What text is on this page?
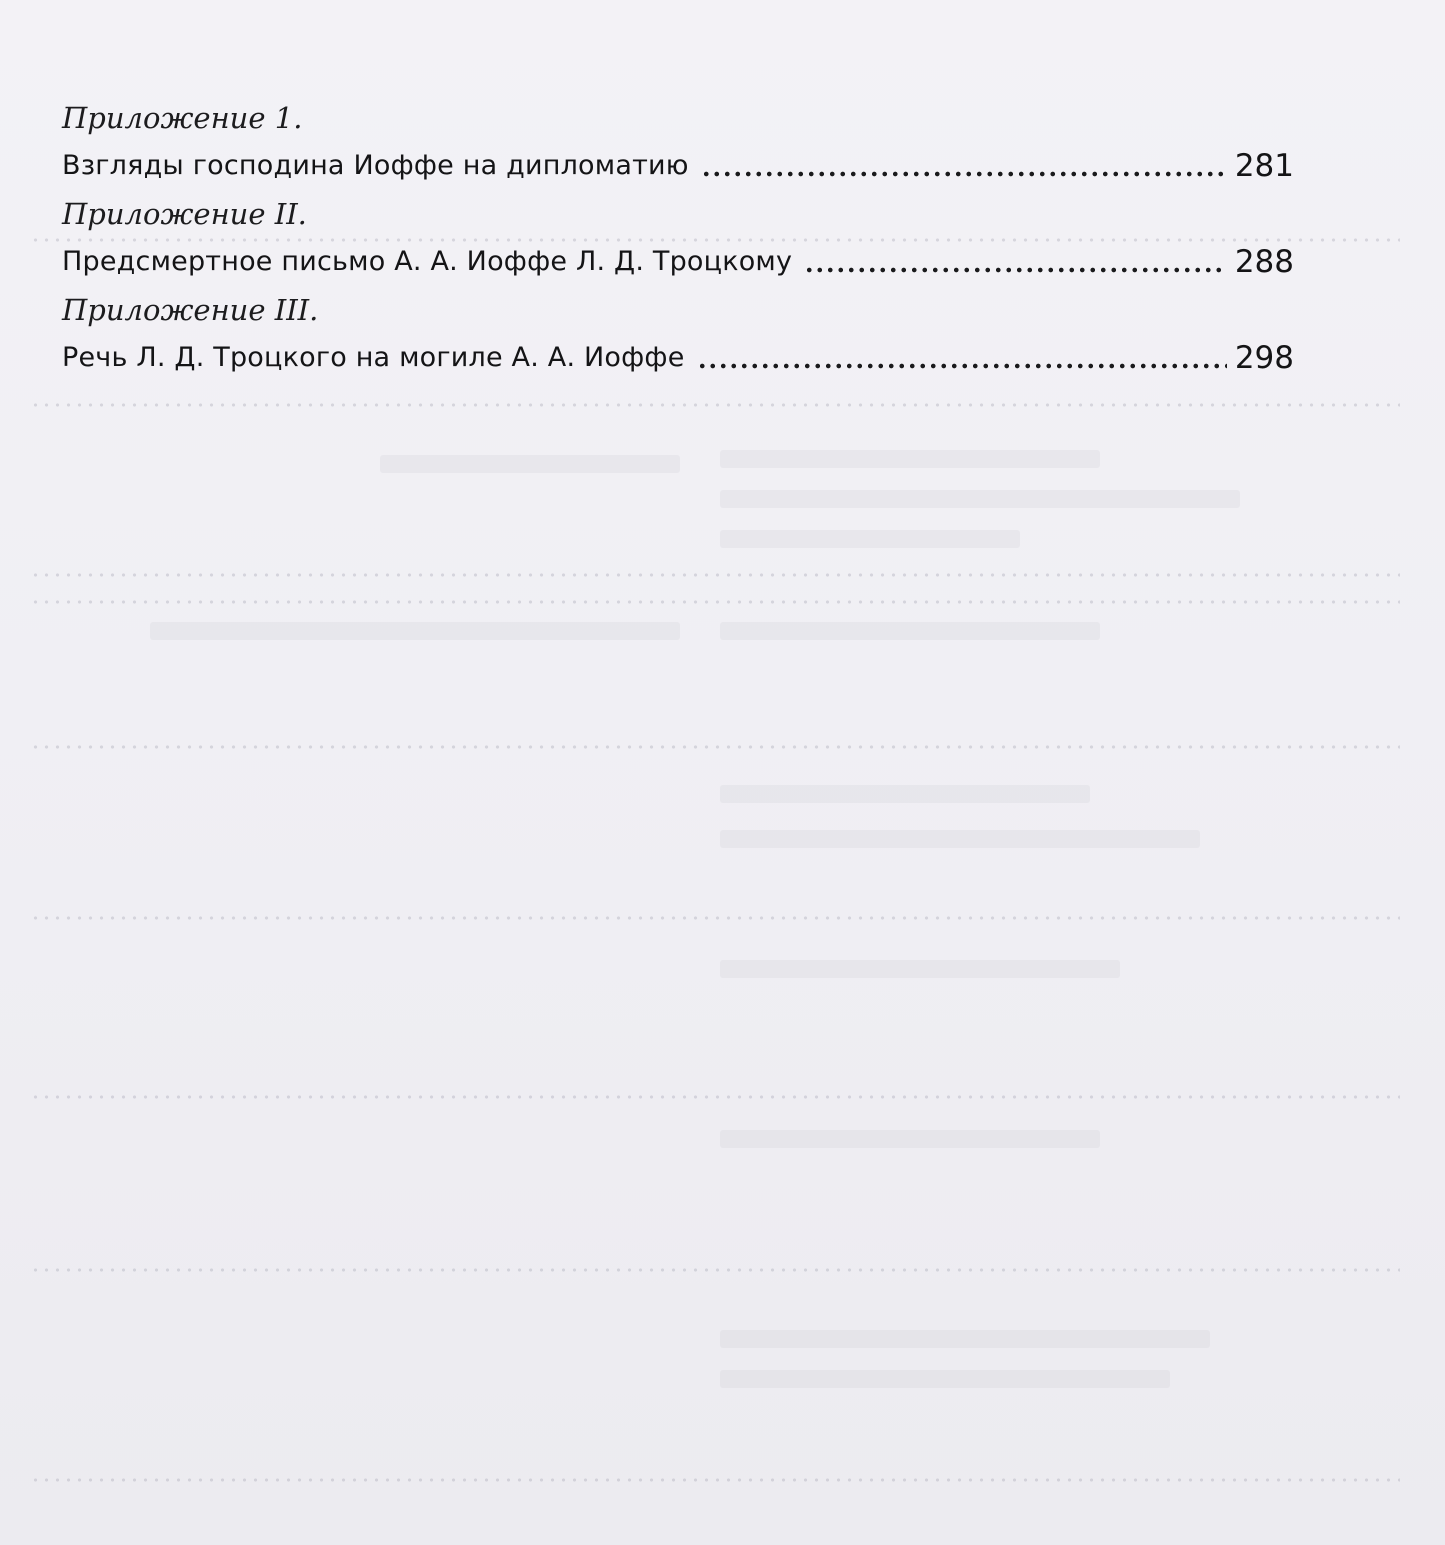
Приложение 1.
Взгляды господина Иоффе на дипломатию	281
Приложение II.
Предсмертное письмо А. А. Иоффе Л. Д. Троцкому	288
Приложение III.
Речь Л. Д. Троцкого на могиле А. А. Иоффе	298
